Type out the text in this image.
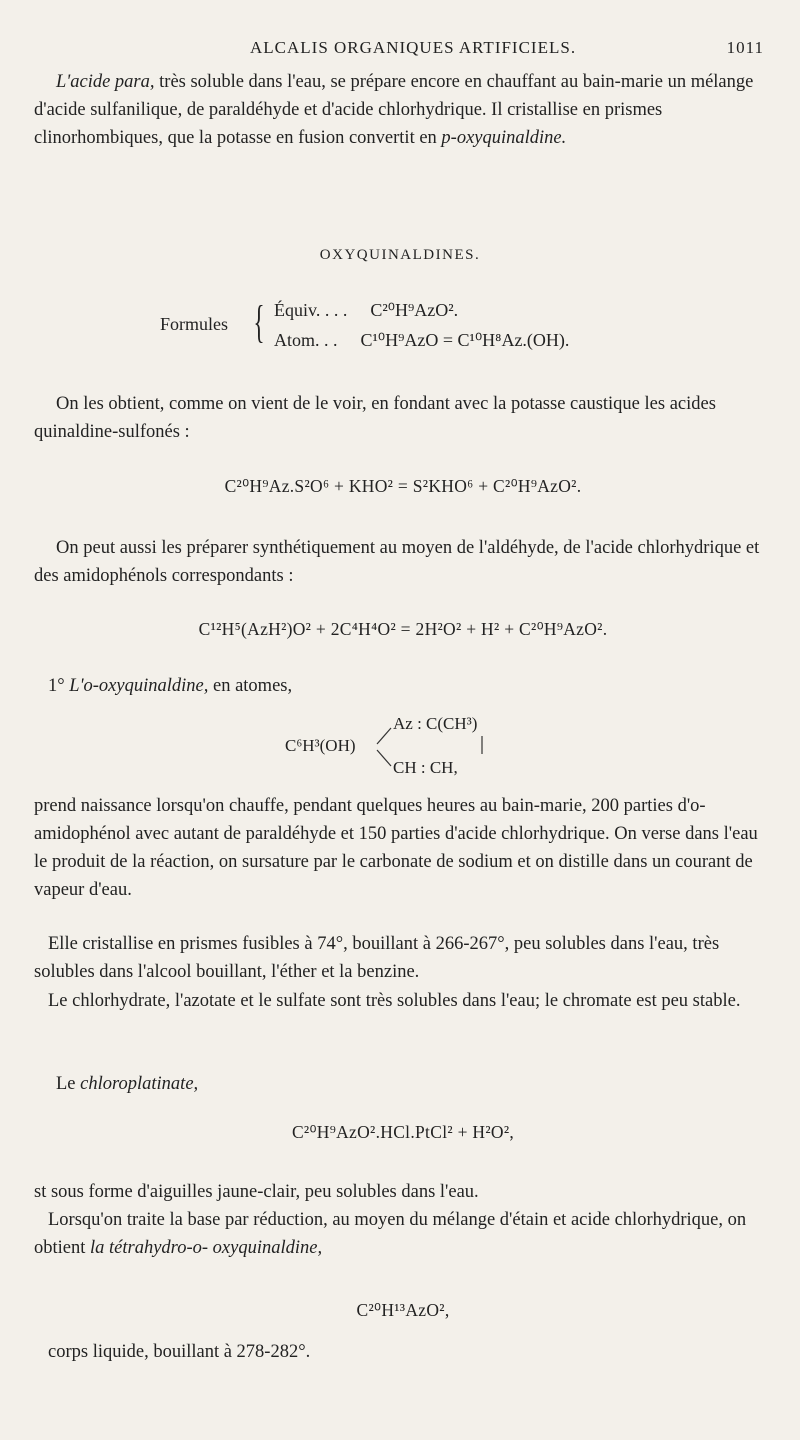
ALCALIS ORGANIQUES ARTIFICIELS.	1011
L'acide para, très soluble dans l'eau, se prépare encore en chauffant au bain-marie un mélange d'acide sulfanilique, de paraldéhyde et d'acide chlorhydrique. Il cristallise en prismes clinorhombiques, que la potasse en fusion convertit en p-oxyquinaldine.
OXYQUINALDINES.
Formules { Équiv. . . . C²⁰H⁹AzO².
Atom. . . C¹⁰H⁹AzO = C¹⁰H⁸Az.(OH).
On les obtient, comme on vient de le voir, en fondant avec la potasse caustique les acides quinaldine-sulfonés :
C²⁰H⁹Az.S²O⁶ + KHO² = S²KHO⁶ + C²⁰H⁹AzO².
On peut aussi les préparer synthétiquement au moyen de l'aldéhyde, de l'acide chlorhydrique et des amidophénols correspondants :
C¹²H⁵(AzH²)O² + 2C⁴H⁴O² = 2H²O² + H² + C²⁰H⁹AzO².
1° L'o-oxyquinaldine, en atomes,
C⁶H³(OH)
Az : C(CH³)
CH : CH,
prend naissance lorsqu'on chauffe, pendant quelques heures au bain-marie, 200 parties d'o-amidophénol avec autant de paraldéhyde et 150 parties d'acide chlorhydrique. On verse dans l'eau le produit de la réaction, on sursature par le carbonate de sodium et on distille dans un courant de vapeur d'eau.
Elle cristallise en prismes fusibles à 74°, bouillant à 266-267°, peu solubles dans l'eau, très solubles dans l'alcool bouillant, l'éther et la benzine.
Le chlorhydrate, l'azotate et le sulfate sont très solubles dans l'eau; le chromate est peu stable.
Le chloroplatinate,
C²⁰H⁹AzO².HCl.PtCl² + H²O²,
st sous forme d'aiguilles jaune-clair, peu solubles dans l'eau.
Lorsqu'on traite la base par réduction, au moyen du mélange d'étain et acide chlorhydrique, on obtient la tétrahydro-o- oxyquinaldine,
C²⁰H¹³AzO²,
corps liquide, bouillant à 278-282°.
